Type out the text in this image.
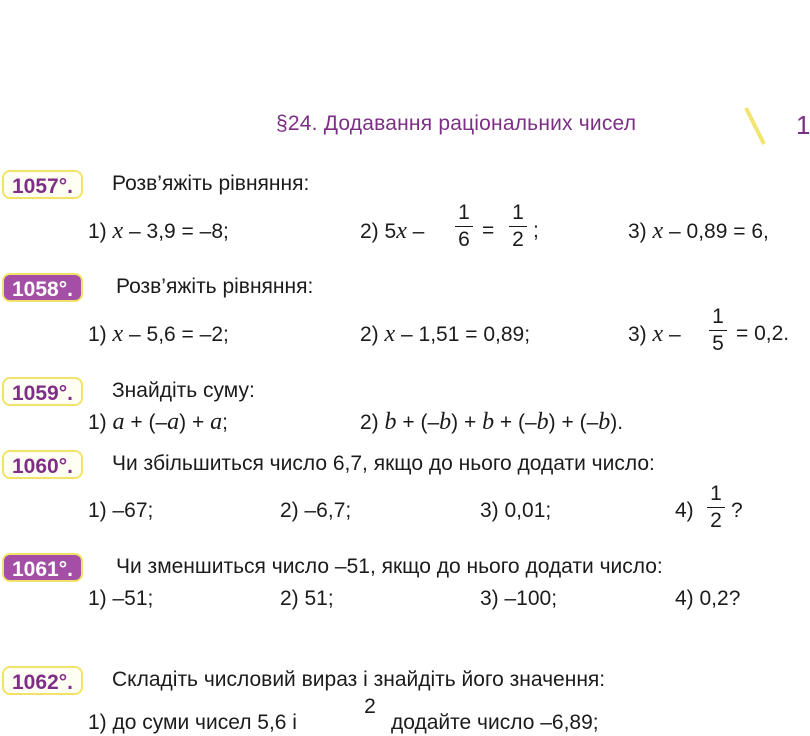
§24. Додавання раціональних чисел	1
1057°.	Розв’яжіть рівняння:
1) x – 3,9 = –8;	2) 5x –
1
6 =
1
2 ;	3) x – 0,89 = 6,
1058°.	Розв’яжіть рівняння:
1) x – 5,6 = –2;	2) x – 1,51 = 0,89;	3) x –
1
5 = 0,2.
1059°.	Знайдіть суму:
1) a + (–a) + a;	2) b + (–b) + b + (–b) + (–b).
1060°.	Чи збільшиться число 6,7, якщо до нього додати число:
1) –67;	2) –6,7;	3) 0,01;	4)
1
2 ?
1061°.	Чи зменшиться число –51, якщо до нього додати число:
1) –51;	2) 51;	3) –100;	4) 0,2?
1062°.	Складіть числовий вираз і знайдіть його значення:
1) до суми чисел 5,6 і
2
додайте число –6,89;
